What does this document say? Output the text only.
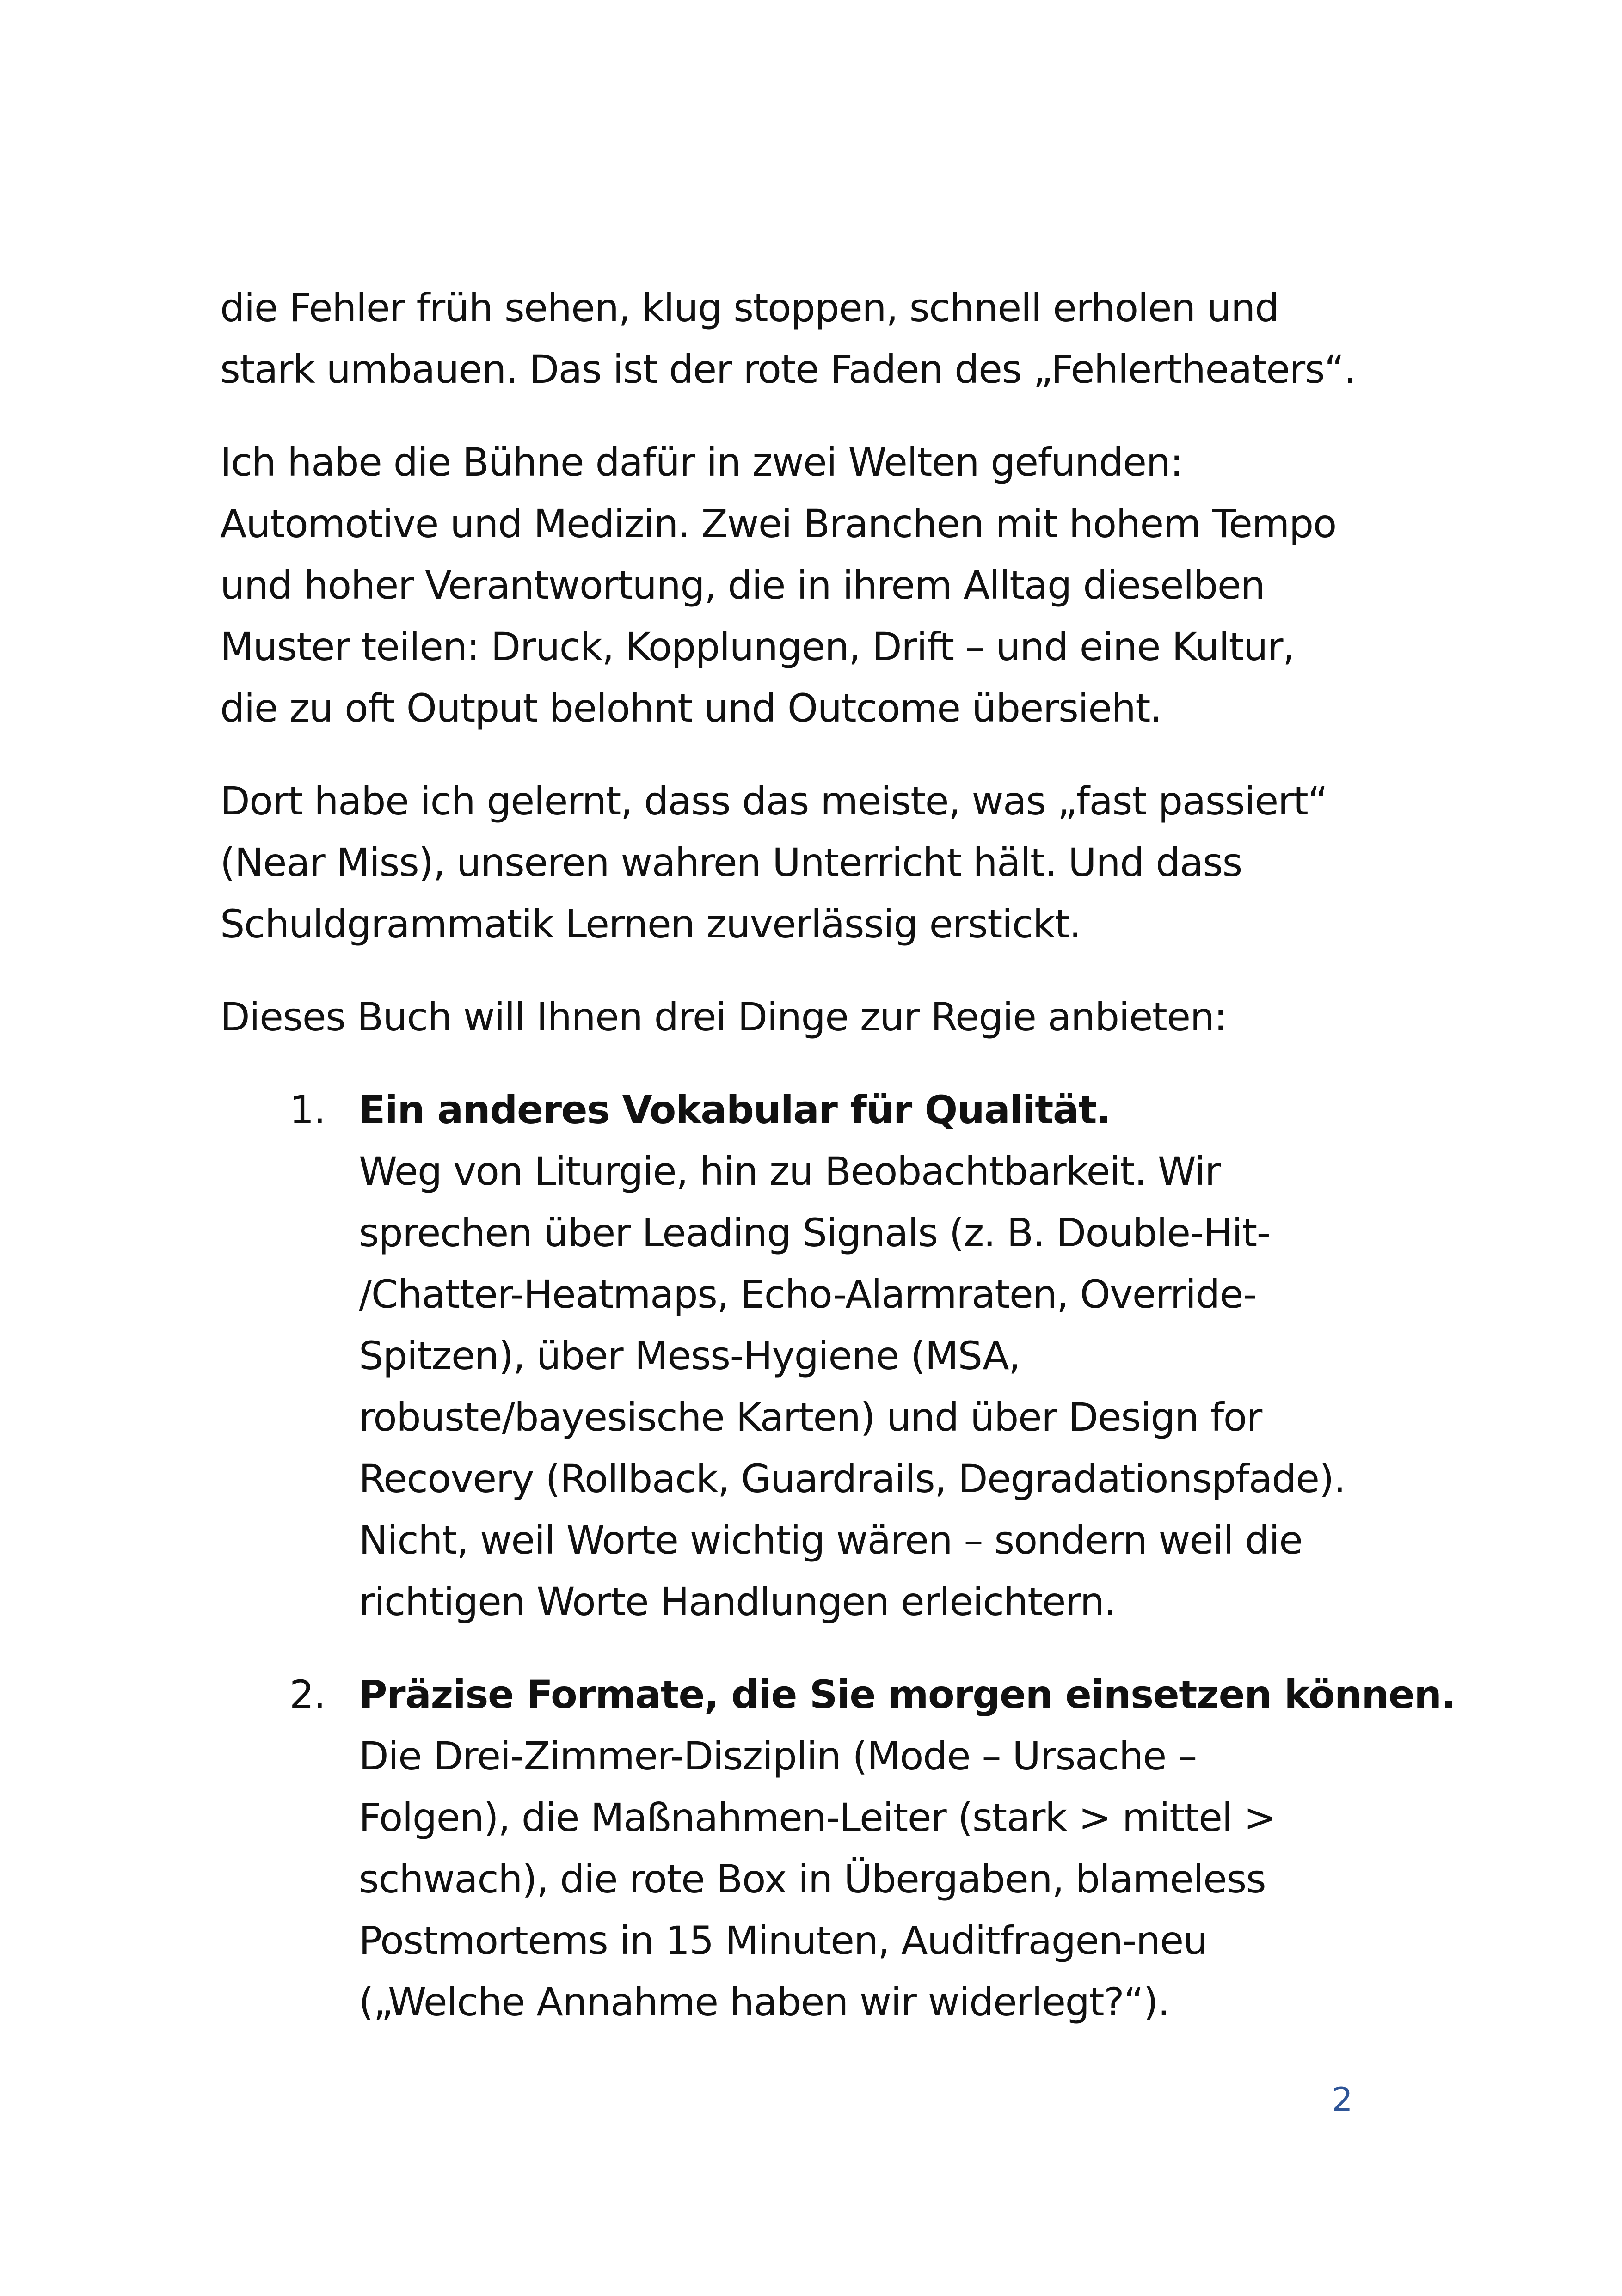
die Fehler früh sehen, klug stoppen, schnell erholen und
stark umbauen. Das ist der rote Faden des „Fehlertheaters“.

Ich habe die Bühne dafür in zwei Welten gefunden:
Automotive und Medizin. Zwei Branchen mit hohem Tempo
und hoher Verantwortung, die in ihrem Alltag dieselben
Muster teilen: Druck, Kopplungen, Drift – und eine Kultur,
die zu oft Output belohnt und Outcome übersieht.

Dort habe ich gelernt, dass das meiste, was „fast passiert“
(Near Miss), unseren wahren Unterricht hält. Und dass
Schuldgrammatik Lernen zuverlässig erstickt.

Dieses Buch will Ihnen drei Dinge zur Regie anbieten:

1. Ein anderes Vokabular für Qualität.
Weg von Liturgie, hin zu Beobachtbarkeit. Wir
sprechen über Leading Signals (z. B. Double-Hit-
/Chatter-Heatmaps, Echo-Alarmraten, Override-
Spitzen), über Mess-Hygiene (MSA,
robuste/bayesische Karten) und über Design for
Recovery (Rollback, Guardrails, Degradationspfade).
Nicht, weil Worte wichtig wären – sondern weil die
richtigen Worte Handlungen erleichtern.
2. Präzise Formate, die Sie morgen einsetzen können.
Die Drei-Zimmer-Disziplin (Mode – Ursache –
Folgen), die Maßnahmen-Leiter (stark > mittel >
schwach), die rote Box in Übergaben, blameless
Postmortems in 15 Minuten, Auditfragen-neu
(„Welche Annahme haben wir widerlegt?“).
2
